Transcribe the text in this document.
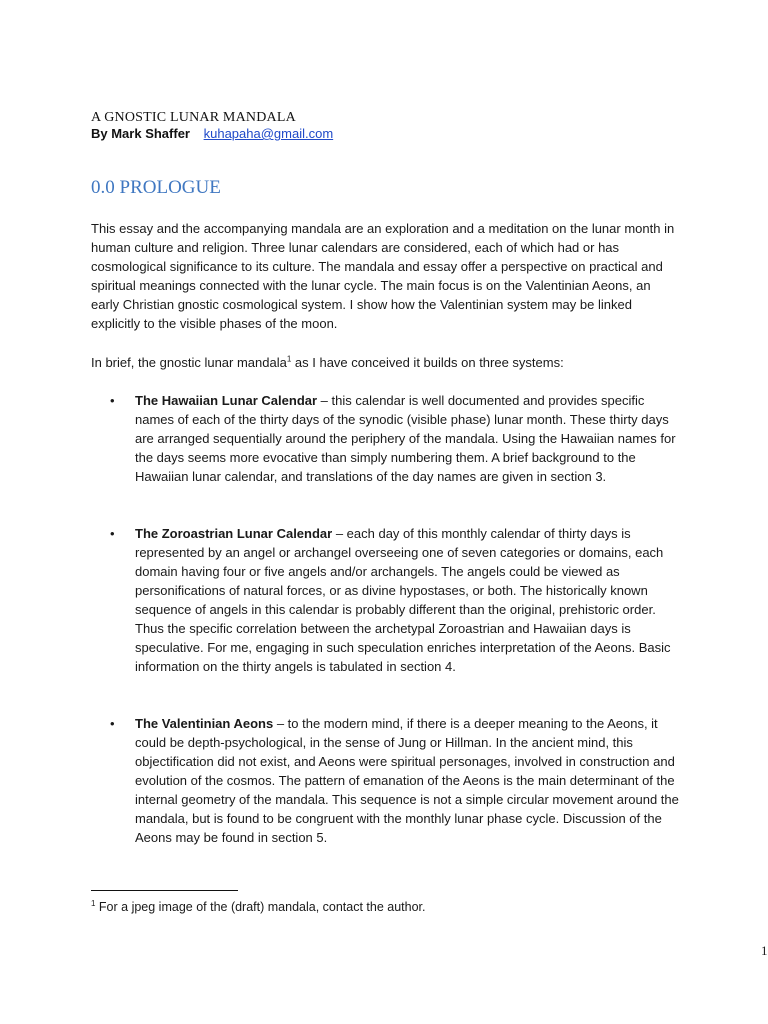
A GNOSTIC LUNAR MANDALA
By Mark Shaffer kuhapaha@gmail.com
0.0 PROLOGUE

This essay and the accompanying mandala are an exploration and a meditation on the lunar month in human culture and religion. Three lunar calendars are considered, each of which had or has cosmological significance to its culture. The mandala and essay offer a perspective on practical and spiritual meanings connected with the lunar cycle. The main focus is on the Valentinian Aeons, an early Christian gnostic cosmological system. I show how the Valentinian system may be linked explicitly to the visible phases of the moon.

In brief, the gnostic lunar mandala$^1$ as I have conceived it builds on three systems:

• The Hawaiian Lunar Calendar – this calendar is well documented and provides specific names of each of the thirty days of the synodic (visible phase) lunar month. These thirty days are arranged sequentially around the periphery of the mandala. Using the Hawaiian names for the days seems more evocative than simply numbering them. A brief background to the Hawaiian lunar calendar, and translations of the day names are given in section 3.

• The Zoroastrian Lunar Calendar – each day of this monthly calendar of thirty days is represented by an angel or archangel overseeing one of seven categories or domains, each domain having four or five angels and/or archangels. The angels could be viewed as personifications of natural forces, or as divine hypostases, or both. The historically known sequence of angels in this calendar is probably different than the original, prehistoric order. Thus the specific correlation between the archetypal Zoroastrian and Hawaiian days is speculative. For me, engaging in such speculation enriches interpretation of the Aeons. Basic information on the thirty angels is tabulated in section 4.

• The Valentinian Aeons – to the modern mind, if there is a deeper meaning to the Aeons, it could be depth-psychological, in the sense of Jung or Hillman. In the ancient mind, this objectification did not exist, and Aeons were spiritual personages, involved in construction and evolution of the cosmos. The pattern of emanation of the Aeons is the main determinant of the internal geometry of the mandala. This sequence is not a simple circular movement around the mandala, but is found to be congruent with the monthly lunar phase cycle. Discussion of the Aeons may be found in section 5.

$^1$ For a jpeg image of the (draft) mandala, contact the author.
1
